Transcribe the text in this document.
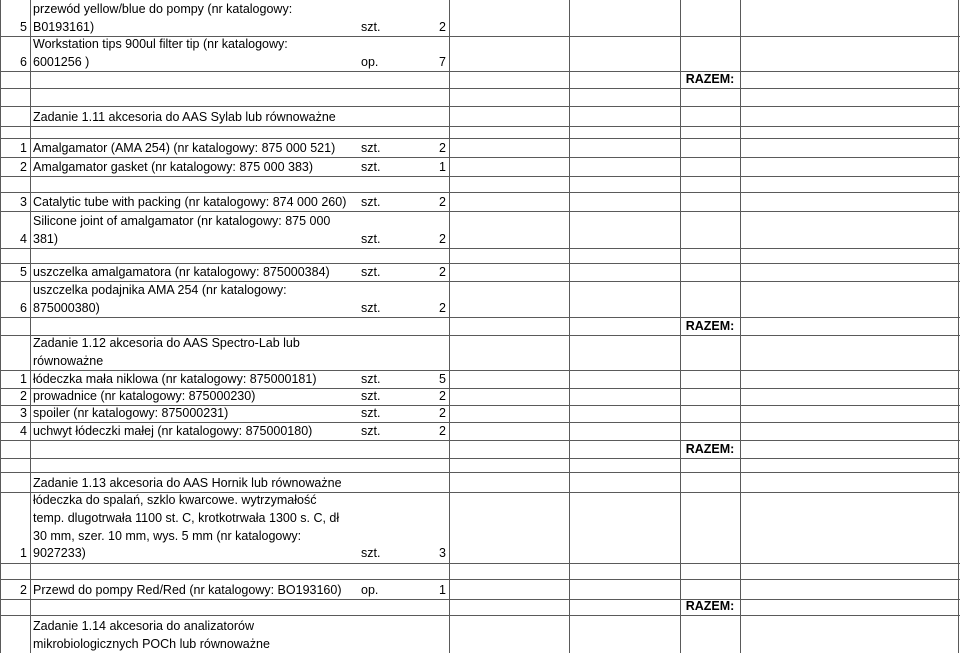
5
przewód yellow/blue do pompy (nr katalogowy:
B0193161)	szt.	2
6
Workstation tips 900ul filter tip (nr katalogowy:
6001256 )	op.	7
RAZEM:
Zadanie 1.11 akcesoria do AAS Sylab lub równoważne
1 Amalgamator (AMA 254) (nr katalogowy: 875 000 521)	szt.	2
2 Amalgamator gasket (nr katalogowy: 875 000 383)	szt.	1
3 Catalytic tube with packing (nr katalogowy: 874 000 260)	szt.	2
4
Silicone joint of amalgamator (nr katalogowy: 875 000
381)	szt.	2
5 uszczelka amalgamatora (nr katalogowy: 875000384)	szt.	2
6
uszczelka podajnika AMA 254 (nr katalogowy:
875000380)	szt.	2
RAZEM:
Zadanie 1.12 akcesoria do AAS Spectro-Lab lub
równoważne
1 łódeczka mała niklowa (nr katalogowy: 875000181)	szt.	5
2 prowadnice (nr katalogowy: 875000230)	szt.	2
3 spoiler (nr katalogowy: 875000231)	szt.	2
4 uchwyt łódeczki małej (nr katalogowy: 875000180)	szt.	2
RAZEM:
Zadanie 1.13 akcesoria do AAS Hornik lub równoważne
1
łódeczka do spalań, szklo kwarcowe. wytrzymałość
temp. dlugotrwała 1100 st. C, krotkotrwała 1300 s. C, dł
30 mm, szer. 10 mm, wys. 5 mm (nr katalogowy:
9027233)	szt.	3
2 Przewd do pompy Red/Red (nr katalogowy: BO193160)	op.	1
RAZEM:
Zadanie 1.14 akcesoria do analizatorów
mikrobiologicznych POCh lub równoważne
